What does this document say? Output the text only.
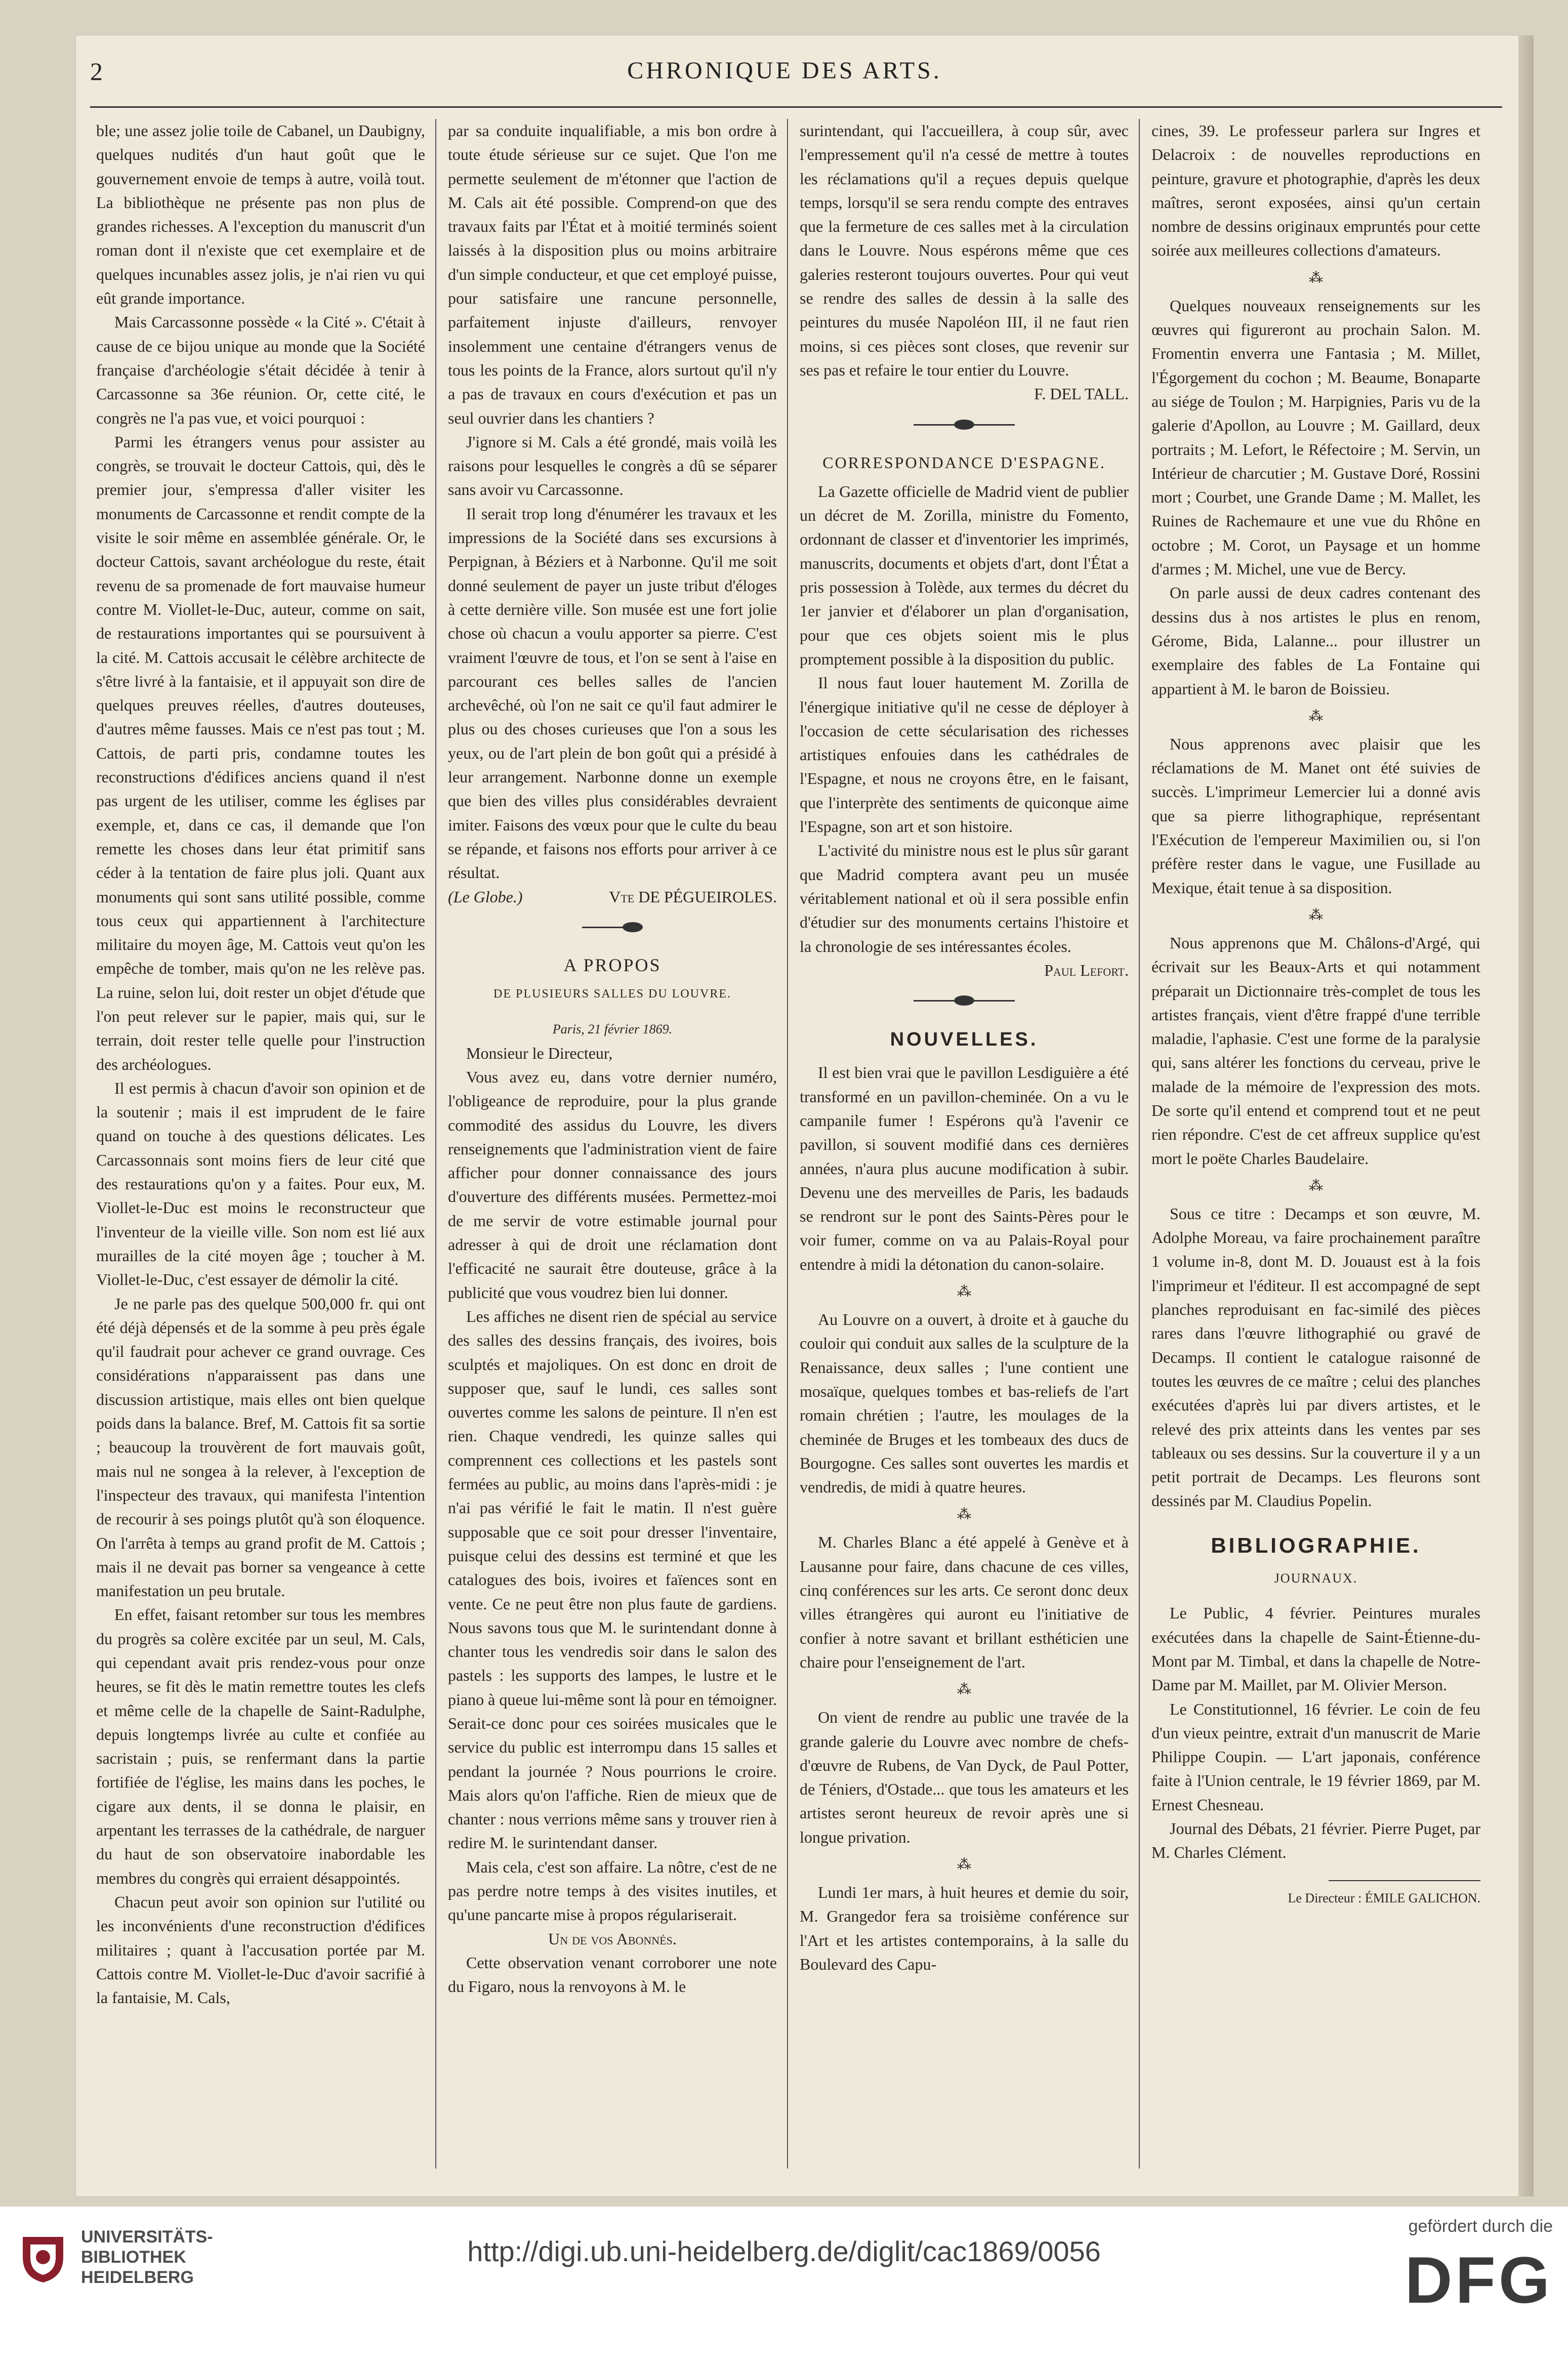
2	CHRONIQUE DES ARTS.

ble; une assez jolie toile de Cabanel, un Daubigny, quelques nudités d'un haut goût que le gouvernement envoie de temps à autre, voilà tout. La bibliothèque ne présente pas non plus de grandes richesses. A l'exception du manuscrit d'un roman dont il n'existe que cet exemplaire et de quelques incunables assez jolis, je n'ai rien vu qui eût grande importance.

Mais Carcassonne possède « la Cité ». C'était à cause de ce bijou unique au monde que la Société française d'archéologie s'était décidée à tenir à Carcassonne sa 36e réunion. Or, cette cité, le congrès ne l'a pas vue, et voici pourquoi :

Parmi les étrangers venus pour assister au congrès, se trouvait le docteur Cattois, qui, dès le premier jour, s'empressa d'aller visiter les monuments de Carcassonne et rendit compte de la visite le soir même en assemblée générale. Or, le docteur Cattois, savant archéologue du reste, était revenu de sa promenade de fort mauvaise humeur contre M. Viollet-le-Duc, auteur, comme on sait, de restaurations importantes qui se poursuivent à la cité. M. Cattois accusait le célèbre architecte de s'être livré à la fantaisie, et il appuyait son dire de quelques preuves réelles, d'autres douteuses, d'autres même fausses. Mais ce n'est pas tout ; M. Cattois, de parti pris, condamne toutes les reconstructions d'édifices anciens quand il n'est pas urgent de les utiliser, comme les églises par exemple, et, dans ce cas, il demande que l'on remette les choses dans leur état primitif sans céder à la tentation de faire plus joli. Quant aux monuments qui sont sans utilité possible, comme tous ceux qui appartiennent à l'architecture militaire du moyen âge, M. Cattois veut qu'on les empêche de tomber, mais qu'on ne les relève pas. La ruine, selon lui, doit rester un objet d'étude que l'on peut relever sur le papier, mais qui, sur le terrain, doit rester telle quelle pour l'instruction des archéologues.

Il est permis à chacun d'avoir son opinion et de la soutenir ; mais il est imprudent de le faire quand on touche à des questions délicates. Les Carcassonnais sont moins fiers de leur cité que des restaurations qu'on y a faites. Pour eux, M. Viollet-le-Duc est moins le reconstructeur que l'inventeur de la vieille ville. Son nom est lié aux murailles de la cité moyen âge ; toucher à M. Viollet-le-Duc, c'est essayer de démolir la cité.

Je ne parle pas des quelque 500,000 fr. qui ont été déjà dépensés et de la somme à peu près égale qu'il faudrait pour achever ce grand ouvrage. Ces considérations n'apparaissent pas dans une discussion artistique, mais elles ont bien quelque poids dans la balance. Bref, M. Cattois fit sa sortie ; beaucoup la trouvèrent de fort mauvais goût, mais nul ne songea à la relever, à l'exception de l'inspecteur des travaux, qui manifesta l'intention de recourir à ses poings plutôt qu'à son éloquence. On l'arrêta à temps au grand profit de M. Cattois ; mais il ne devait pas borner sa vengeance à cette manifestation un peu brutale.

En effet, faisant retomber sur tous les membres du progrès sa colère excitée par un seul, M. Cals, qui cependant avait pris rendez-vous pour onze heures, se fit dès le matin remettre toutes les clefs et même celle de la chapelle de Saint-Radulphe, depuis longtemps livrée au culte et confiée au sacristain ; puis, se renfermant dans la partie fortifiée de l'église, les mains dans les poches, le cigare aux dents, il se donna le plaisir, en arpentant les terrasses de la cathédrale, de narguer du haut de son observatoire inabordable les membres du congrès qui erraient désappointés.

Chacun peut avoir son opinion sur l'utilité ou les inconvénients d'une reconstruction d'édifices militaires ; quant à l'accusation portée par M. Cattois contre M. Viollet-le-Duc d'avoir sacrifié à la fantaisie, M. Cals,

par sa conduite inqualifiable, a mis bon ordre à toute étude sérieuse sur ce sujet. Que l'on me permette seulement de m'étonner que l'action de M. Cals ait été possible. Comprend-on que des travaux faits par l'État et à moitié terminés soient laissés à la disposition plus ou moins arbitraire d'un simple conducteur, et que cet employé puisse, pour satisfaire une rancune personnelle, parfaitement injuste d'ailleurs, renvoyer insolemment une centaine d'étrangers venus de tous les points de la France, alors surtout qu'il n'y a pas de travaux en cours d'exécution et pas un seul ouvrier dans les chantiers ?

J'ignore si M. Cals a été grondé, mais voilà les raisons pour lesquelles le congrès a dû se séparer sans avoir vu Carcassonne.

Il serait trop long d'énumérer les travaux et les impressions de la Société dans ses excursions à Perpignan, à Béziers et à Narbonne. Qu'il me soit donné seulement de payer un juste tribut d'éloges à cette dernière ville. Son musée est une fort jolie chose où chacun a voulu apporter sa pierre. C'est vraiment l'œuvre de tous, et l'on se sent à l'aise en parcourant ces belles salles de l'ancien archevêché, où l'on ne sait ce qu'il faut admirer le plus ou des choses curieuses que l'on a sous les yeux, ou de l'art plein de bon goût qui a présidé à leur arrangement. Narbonne donne un exemple que bien des villes plus considérables devraient imiter. Faisons des vœux pour que le culte du beau se répande, et faisons nos efforts pour arriver à ce résultat.

(Le Globe.)	Vte DE PÉGUEIROLES.

A PROPOS

DE PLUSIEURS SALLES DU LOUVRE.

Paris, 21 février 1869.

Monsieur le Directeur,

Vous avez eu, dans votre dernier numéro, l'obligeance de reproduire, pour la plus grande commodité des assidus du Louvre, les divers renseignements que l'administration vient de faire afficher pour donner connaissance des jours d'ouverture des différents musées. Permettez-moi de me servir de votre estimable journal pour adresser à qui de droit une réclamation dont l'efficacité ne saurait être douteuse, grâce à la publicité que vous voudrez bien lui donner.

Les affiches ne disent rien de spécial au service des salles des dessins français, des ivoires, bois sculptés et majoliques. On est donc en droit de supposer que, sauf le lundi, ces salles sont ouvertes comme les salons de peinture. Il n'en est rien. Chaque vendredi, les quinze salles qui comprennent ces collections et les pastels sont fermées au public, au moins dans l'après-midi : je n'ai pas vérifié le fait le matin. Il n'est guère supposable que ce soit pour dresser l'inventaire, puisque celui des dessins est terminé et que les catalogues des bois, ivoires et faïences sont en vente. Ce ne peut être non plus faute de gardiens. Nous savons tous que M. le surintendant donne à chanter tous les vendredis soir dans le salon des pastels : les supports des lampes, le lustre et le piano à queue lui-même sont là pour en témoigner. Serait-ce donc pour ces soirées musicales que le service du public est interrompu dans 15 salles et pendant la journée ? Nous pourrions le croire. Mais alors qu'on l'affiche. Rien de mieux que de chanter : nous verrions même sans y trouver rien à redire M. le surintendant danser.

Mais cela, c'est son affaire. La nôtre, c'est de ne pas perdre notre temps à des visites inutiles, et qu'une pancarte mise à propos régulariserait.

Un de vos Abonnés.

Cette observation venant corroborer une note du Figaro, nous la renvoyons à M. le

surintendant, qui l'accueillera, à coup sûr, avec l'empressement qu'il n'a cessé de mettre à toutes les réclamations qu'il a reçues depuis quelque temps, lorsqu'il se sera rendu compte des entraves que la fermeture de ces salles met à la circulation dans le Louvre. Nous espérons même que ces galeries resteront toujours ouvertes. Pour qui veut se rendre des salles de dessin à la salle des peintures du musée Napoléon III, il ne faut rien moins, si ces pièces sont closes, que revenir sur ses pas et refaire le tour entier du Louvre.

F. DEL TALL.

CORRESPONDANCE D'ESPAGNE.

La Gazette officielle de Madrid vient de publier un décret de M. Zorilla, ministre du Fomento, ordonnant de classer et d'inventorier les imprimés, manuscrits, documents et objets d'art, dont l'État a pris possession à Tolède, aux termes du décret du 1er janvier et d'élaborer un plan d'organisation, pour que ces objets soient mis le plus promptement possible à la disposition du public.

Il nous faut louer hautement M. Zorilla de l'énergique initiative qu'il ne cesse de déployer à l'occasion de cette sécularisation des richesses artistiques enfouies dans les cathédrales de l'Espagne, et nous ne croyons être, en le faisant, que l'interprète des sentiments de quiconque aime l'Espagne, son art et son histoire.

L'activité du ministre nous est le plus sûr garant que Madrid comptera avant peu un musée véritablement national et où il sera possible enfin d'étudier sur des monuments certains l'histoire et la chronologie de ses intéressantes écoles.

Paul Lefort.

NOUVELLES.

Il est bien vrai que le pavillon Lesdiguière a été transformé en un pavillon-cheminée. On a vu le campanile fumer ! Espérons qu'à l'avenir ce pavillon, si souvent modifié dans ces dernières années, n'aura plus aucune modification à subir. Devenu une des merveilles de Paris, les badauds se rendront sur le pont des Saints-Pères pour le voir fumer, comme on va au Palais-Royal pour entendre à midi la détonation du canon-solaire.

⁂

Au Louvre on a ouvert, à droite et à gauche du couloir qui conduit aux salles de la sculpture de la Renaissance, deux salles ; l'une contient une mosaïque, quelques tombes et bas-reliefs de l'art romain chrétien ; l'autre, les moulages de la cheminée de Bruges et les tombeaux des ducs de Bourgogne. Ces salles sont ouvertes les mardis et vendredis, de midi à quatre heures.

⁂

M. Charles Blanc a été appelé à Genève et à Lausanne pour faire, dans chacune de ces villes, cinq conférences sur les arts. Ce seront donc deux villes étrangères qui auront eu l'initiative de confier à notre savant et brillant esthéticien une chaire pour l'enseignement de l'art.

⁂

On vient de rendre au public une travée de la grande galerie du Louvre avec nombre de chefs-d'œuvre de Rubens, de Van Dyck, de Paul Potter, de Téniers, d'Ostade... que tous les amateurs et les artistes seront heureux de revoir après une si longue privation.

⁂

Lundi 1er mars, à huit heures et demie du soir, M. Grangedor fera sa troisième conférence sur l'Art et les artistes contemporains, à la salle du Boulevard des Capu-

cines, 39. Le professeur parlera sur Ingres et Delacroix : de nouvelles reproductions en peinture, gravure et photographie, d'après les deux maîtres, seront exposées, ainsi qu'un certain nombre de dessins originaux empruntés pour cette soirée aux meilleures collections d'amateurs.

⁂

Quelques nouveaux renseignements sur les œuvres qui figureront au prochain Salon. M. Fromentin enverra une Fantasia ; M. Millet, l'Égorgement du cochon ; M. Beaume, Bonaparte au siége de Toulon ; M. Harpignies, Paris vu de la galerie d'Apollon, au Louvre ; M. Gaillard, deux portraits ; M. Lefort, le Réfectoire ; M. Servin, un Intérieur de charcutier ; M. Gustave Doré, Rossini mort ; Courbet, une Grande Dame ; M. Mallet, les Ruines de Rachemaure et une vue du Rhône en octobre ; M. Corot, un Paysage et un homme d'armes ; M. Michel, une vue de Bercy.

On parle aussi de deux cadres contenant des dessins dus à nos artistes le plus en renom, Gérome, Bida, Lalanne... pour illustrer un exemplaire des fables de La Fontaine qui appartient à M. le baron de Boissieu.

⁂

Nous apprenons avec plaisir que les réclamations de M. Manet ont été suivies de succès. L'imprimeur Lemercier lui a donné avis que sa pierre lithographique, représentant l'Exécution de l'empereur Maximilien ou, si l'on préfère rester dans le vague, une Fusillade au Mexique, était tenue à sa disposition.

⁂

Nous apprenons que M. Châlons-d'Argé, qui écrivait sur les Beaux-Arts et qui notamment préparait un Dictionnaire très-complet de tous les artistes français, vient d'être frappé d'une terrible maladie, l'aphasie. C'est une forme de la paralysie qui, sans altérer les fonctions du cerveau, prive le malade de la mémoire de l'expression des mots. De sorte qu'il entend et comprend tout et ne peut rien répondre. C'est de cet affreux supplice qu'est mort le poëte Charles Baudelaire.

⁂

Sous ce titre : Decamps et son œuvre, M. Adolphe Moreau, va faire prochainement paraître 1 volume in-8, dont M. D. Jouaust est à la fois l'imprimeur et l'éditeur. Il est accompagné de sept planches reproduisant en fac-similé des pièces rares dans l'œuvre lithographié ou gravé de Decamps. Il contient le catalogue raisonné de toutes les œuvres de ce maître ; celui des planches exécutées d'après lui par divers artistes, et le relevé des prix atteints dans les ventes par ses tableaux ou ses dessins. Sur la couverture il y a un petit portrait de Decamps. Les fleurons sont dessinés par M. Claudius Popelin.

BIBLIOGRAPHIE.

JOURNAUX.

Le Public, 4 février. Peintures murales exécutées dans la chapelle de Saint-Étienne-du-Mont par M. Timbal, et dans la chapelle de Notre-Dame par M. Maillet, par M. Olivier Merson.

Le Constitutionnel, 16 février. Le coin de feu d'un vieux peintre, extrait d'un manuscrit de Marie Philippe Coupin. — L'art japonais, conférence faite à l'Union centrale, le 19 février 1869, par M. Ernest Chesneau.

Journal des Débats, 21 février. Pierre Puget, par M. Charles Clément.

Le Directeur : ÉMILE GALICHON.

UNIVERSITÄTS-
BIBLIOTHEK
HEIDELBERG
http://digi.ub.uni-heidelberg.de/diglit/cac1869/0056
gefördert durch die
DFG
